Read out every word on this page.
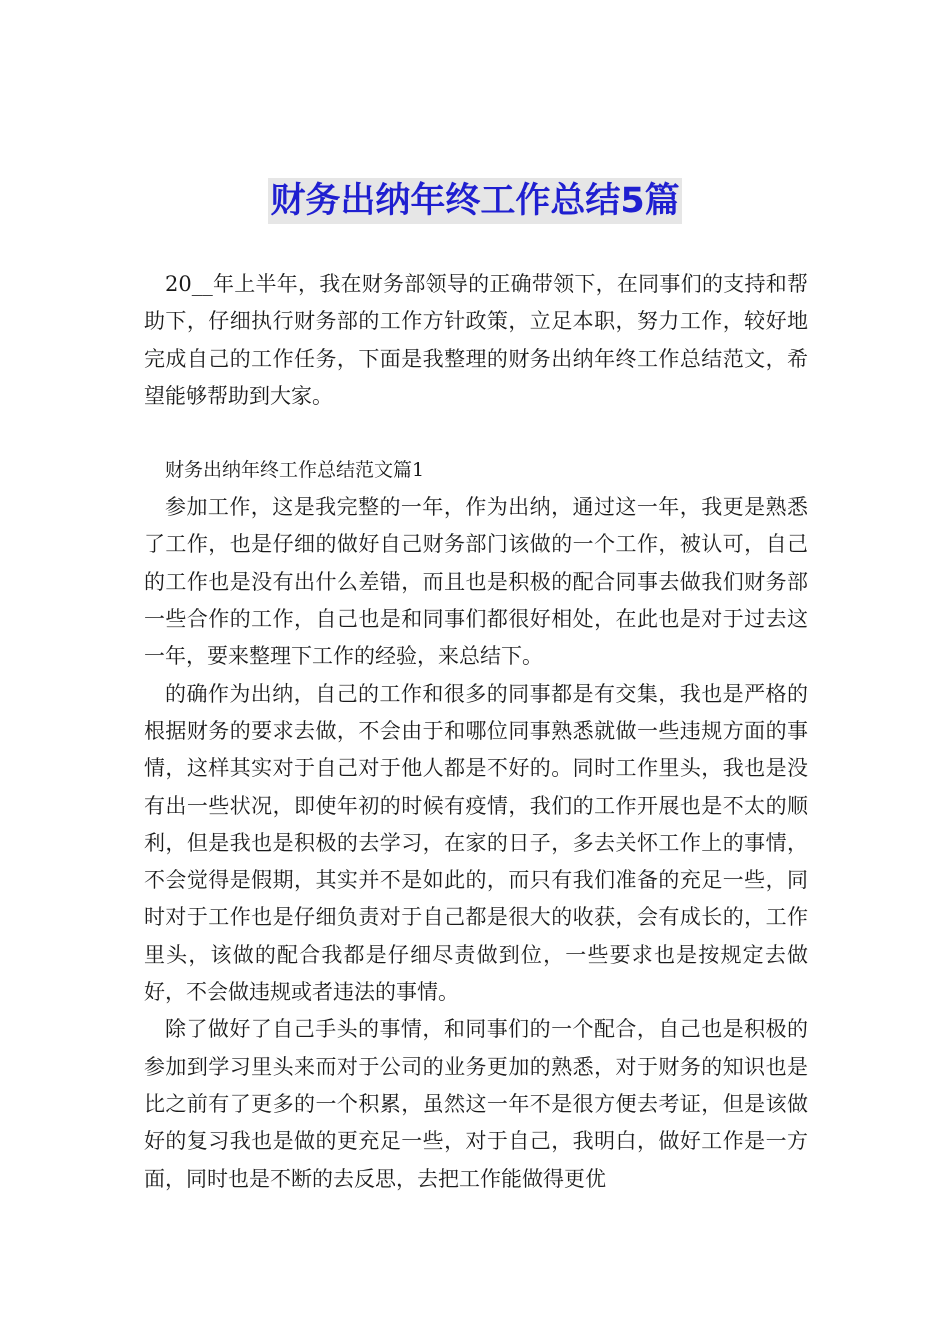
财务出纳年终工作总结5篇

20__年上半年，我在财务部领导的正确带领下，在同事们的支持和帮助下，仔细执行财务部的工作方针政策，立足本职，努力工作，较好地完成自己的工作任务，下面是我整理的财务出纳年终工作总结范文，希望能够帮助到大家。

财务出纳年终工作总结范文篇1

参加工作，这是我完整的一年，作为出纳，通过这一年，我更是熟悉了工作，也是仔细的做好自己财务部门该做的一个工作，被认可，自己的工作也是没有出什么差错，而且也是积极的配合同事去做我们财务部一些合作的工作，自己也是和同事们都很好相处，在此也是对于过去这一年，要来整理下工作的经验，来总结下。

的确作为出纳，自己的工作和很多的同事都是有交集，我也是严格的根据财务的要求去做，不会由于和哪位同事熟悉就做一些违规方面的事情，这样其实对于自己对于他人都是不好的。同时工作里头，我也是没有出一些状况，即使年初的时候有疫情，我们的工作开展也是不太的顺利，但是我也是积极的去学习，在家的日子，多去关怀工作上的事情，不会觉得是假期，其实并不是如此的，而只有我们准备的充足一些，同时对于工作也是仔细负责对于自己都是很大的收获，会有成长的，工作里头，该做的配合我都是仔细尽责做到位，一些要求也是按规定去做好，不会做违规或者违法的事情。

除了做好了自己手头的事情，和同事们的一个配合，自己也是积极的参加到学习里头来而对于公司的业务更加的熟悉，对于财务的知识也是比之前有了更多的一个积累，虽然这一年不是很方便去考证，但是该做好的复习我也是做的更充足一些，对于自己，我明白，做好工作是一方面，同时也是不断的去反思，去把工作能做得更优
